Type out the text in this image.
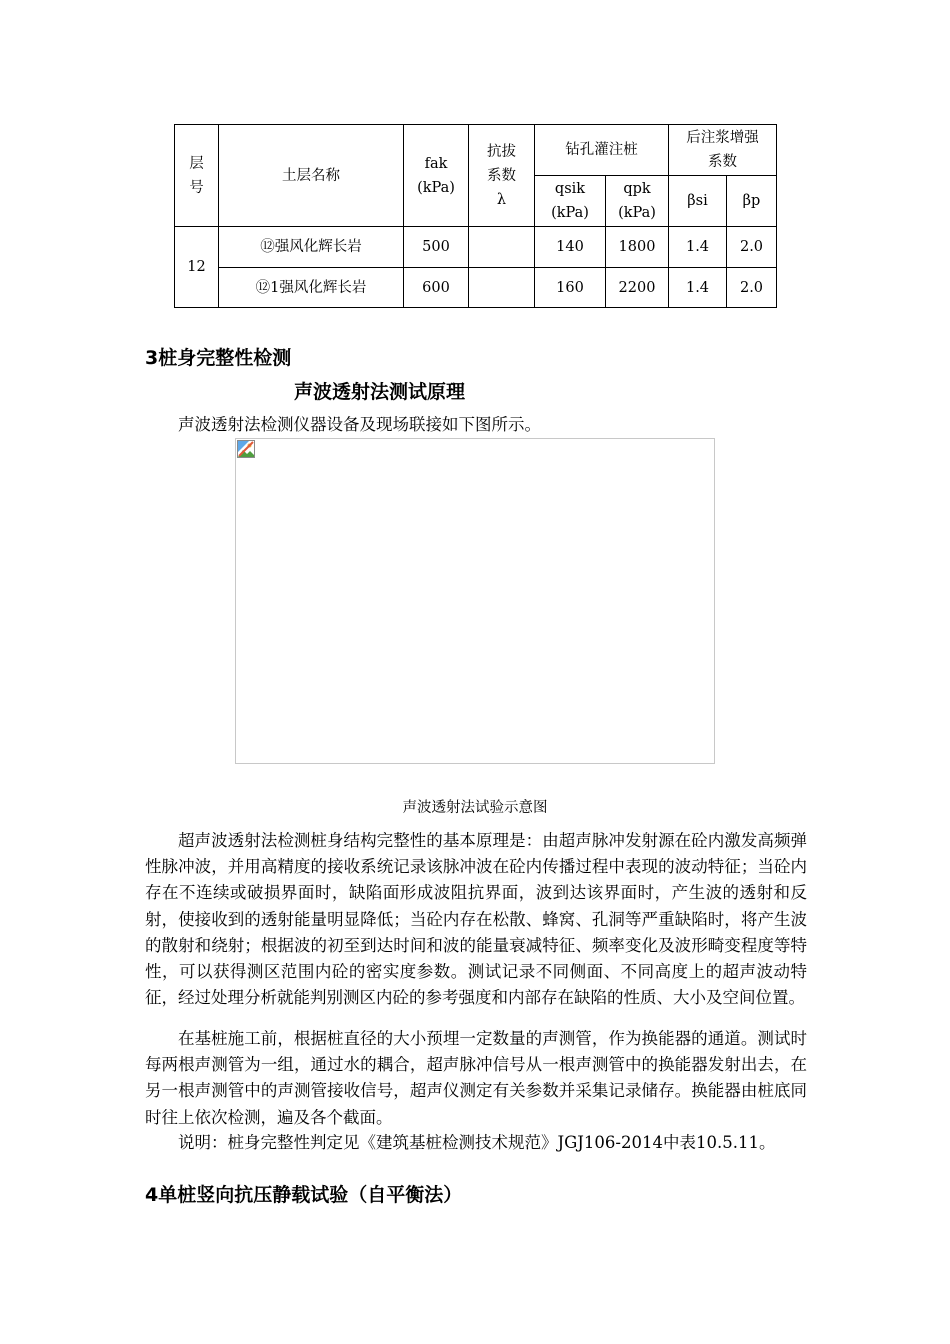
层号	土层名称	fak (kPa)	抗拔系数λ	钻孔灌注桩		后注浆增强系数	
				qsik (kPa)	qpk (kPa)	βsi	βp
12	⑫强风化辉长岩	500		140	1800	1.4	2.0
	⑫1强风化辉长岩	600		160	2200	1.4	2.0
3桩身完整性检测
声波透射法测试原理

声波透射法检测仪器设备及现场联接如下图所示。

声波透射法试验示意图

超声波透射法检测桩身结构完整性的基本原理是：由超声脉冲发射源在砼内激发高频弹性脉冲波，并用高精度的接收系统记录该脉冲波在砼内传播过程中表现的波动特征；当砼内存在不连续或破损界面时，缺陷面形成波阻抗界面，波到达该界面时，产生波的透射和反射，使接收到的透射能量明显降低；当砼内存在松散、蜂窝、孔洞等严重缺陷时，将产生波的散射和绕射；根据波的初至到达时间和波的能量衰减特征、频率变化及波形畸变程度等特性，可以获得测区范围内砼的密实度参数。测试记录不同侧面、不同高度上的超声波动特征，经过处理分析就能判别测区内砼的参考强度和内部存在缺陷的性质、大小及空间位置。

在基桩施工前，根据桩直径的大小预埋一定数量的声测管，作为换能器的通道。测试时每两根声测管为一组，通过水的耦合，超声脉冲信号从一根声测管中的换能器发射出去，在另一根声测管中的声测管接收信号，超声仪测定有关参数并采集记录储存。换能器由桩底同时往上依次检测，遍及各个截面。

说明：桩身完整性判定见《建筑基桩检测技术规范》JGJ106-2014中表10.5.11。

4单桩竖向抗压静载试验（自平衡法）
